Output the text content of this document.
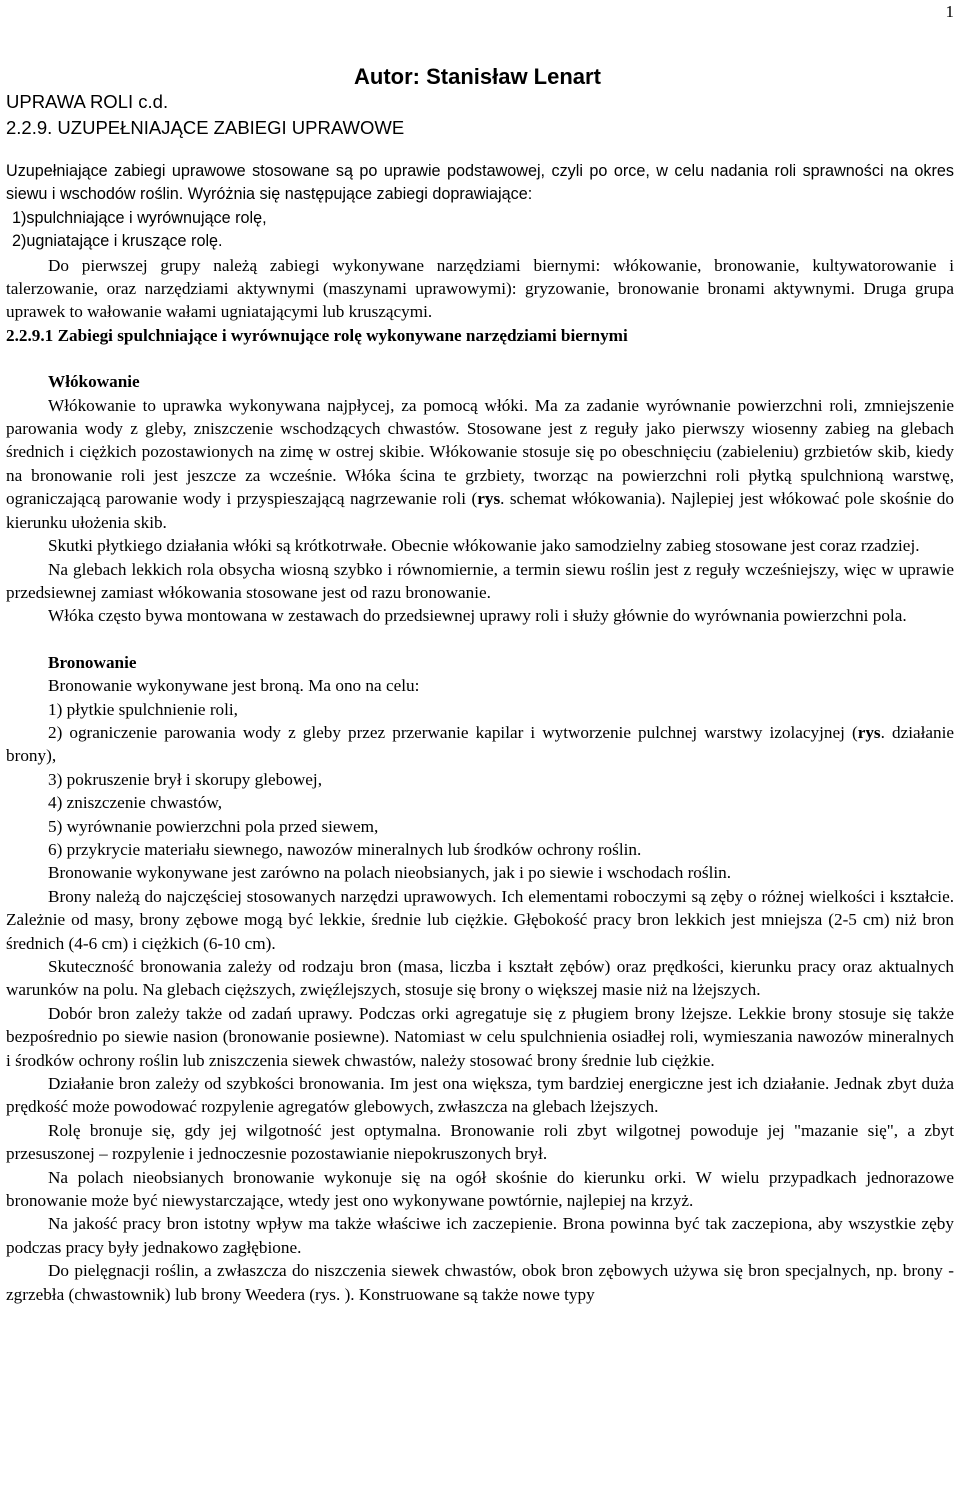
1
Autor: Stanisław Lenart
UPRAWA ROLI c.d.
2.2.9. UZUPEŁNIAJĄCE ZABIEGI UPRAWOWE

Uzupełniające zabiegi uprawowe stosowane są po uprawie podstawowej, czyli po orce, w celu nadania roli sprawności na okres siewu i wschodów roślin. Wyróżnia się następujące zabiegi doprawiające:

1)spulchniające i wyrównujące rolę,

2)ugniatające i kruszące rolę.

Do pierwszej grupy należą zabiegi wykonywane narzędziami biernymi: włókowanie, bronowanie, kultywatorowanie i talerzowanie, oraz narzędziami aktywnymi (maszynami uprawowymi): gryzowanie, bronowanie bronami aktywnymi. Druga grupa uprawek to wałowanie wałami ugniatającymi lub kruszącymi.

2.2.9.1 Zabiegi spulchniające i wyrównujące rolę wykonywane narzędziami biernymi

Włókowanie

Włókowanie to uprawka wykonywana najpłycej, za pomocą włóki. Ma za zadanie wyrównanie powierzchni roli, zmniejszenie parowania wody z gleby, zniszczenie wschodzących chwastów. Stosowane jest z reguły jako pierwszy wiosenny zabieg na glebach średnich i ciężkich pozostawionych na zimę w ostrej skibie. Włókowanie stosuje się po obeschnięciu (zabieleniu) grzbietów skib, kiedy na bronowanie roli jest jeszcze za wcześnie. Włóka ścina te grzbiety, tworząc na powierzchni roli płytką spulchnioną warstwę, ograniczającą parowanie wody i przyspieszającą nagrzewanie roli (rys. schemat włókowania). Najlepiej jest włókować pole skośnie do kierunku ułożenia skib.

Skutki płytkiego działania włóki są krótkotrwałe. Obecnie włókowanie jako samodzielny zabieg stosowane jest coraz rzadziej.

Na glebach lekkich rola obsycha wiosną szybko i równomiernie, a termin siewu roślin jest z reguły wcześniejszy, więc w uprawie przedsiewnej zamiast włókowania stosowane jest od razu bronowanie.

Włóka często bywa montowana w zestawach do przedsiewnej uprawy roli i służy głównie do wyrównania powierzchni pola.

Bronowanie

Bronowanie wykonywane jest broną. Ma ono na celu:

1) płytkie spulchnienie roli,

2) ograniczenie parowania wody z gleby przez przerwanie kapilar i wytworzenie pulchnej warstwy izolacyjnej (rys. działanie brony),

3) pokruszenie brył i skorupy glebowej,

4) zniszczenie chwastów,

5) wyrównanie powierzchni pola przed siewem,

6) przykrycie materiału siewnego, nawozów mineralnych lub środków ochrony roślin.

Bronowanie wykonywane jest zarówno na polach nieobsianych, jak i po siewie i wschodach roślin.

Brony należą do najczęściej stosowanych narzędzi uprawowych. Ich elementami roboczymi są zęby o różnej wielkości i kształcie. Zależnie od masy, brony zębowe mogą być lekkie, średnie lub ciężkie. Głębokość pracy bron lekkich jest mniejsza (2-5 cm) niż bron średnich (4-6 cm) i ciężkich (6-10 cm).

Skuteczność bronowania zależy od rodzaju bron (masa, liczba i kształt zębów) oraz prędkości, kierunku pracy oraz aktualnych warunków na polu. Na glebach cięższych, zwięźlejszych, stosuje się brony o większej masie niż na lżejszych.

Dobór bron zależy także od zadań uprawy. Podczas orki agregatuje się z pługiem brony lżejsze. Lekkie brony stosuje się także bezpośrednio po siewie nasion (bronowanie posiewne). Natomiast w celu spulchnienia osiadłej roli, wymieszania nawozów mineralnych i środków ochrony roślin lub zniszczenia siewek chwastów, należy stosować brony średnie lub ciężkie.

Działanie bron zależy od szybkości bronowania. Im jest ona większa, tym bardziej energiczne jest ich działanie. Jednak zbyt duża prędkość może powodować rozpylenie agregatów glebowych, zwłaszcza na glebach lżejszych.

Rolę bronuje się, gdy jej wilgotność jest optymalna. Bronowanie roli zbyt wilgotnej powoduje jej "mazanie się", a zbyt przesuszonej – rozpylenie i jednoczesnie pozostawianie niepokruszonych brył.

Na polach nieobsianych bronowanie wykonuje się na ogół skośnie do kierunku orki. W wielu przypadkach jednorazowe bronowanie może być niewystarczające, wtedy jest ono wykonywane powtórnie, najlepiej na krzyż.

Na jakość pracy bron istotny wpływ ma także właściwe ich zaczepienie. Brona powinna być tak zaczepiona, aby wszystkie zęby podczas pracy były jednakowo zagłębione.

Do pielęgnacji roślin, a zwłaszcza do niszczenia siewek chwastów, obok bron zębowych używa się bron specjalnych, np. brony - zgrzebła (chwastownik) lub brony Weedera (rys. ). Konstruowane są także nowe typy
